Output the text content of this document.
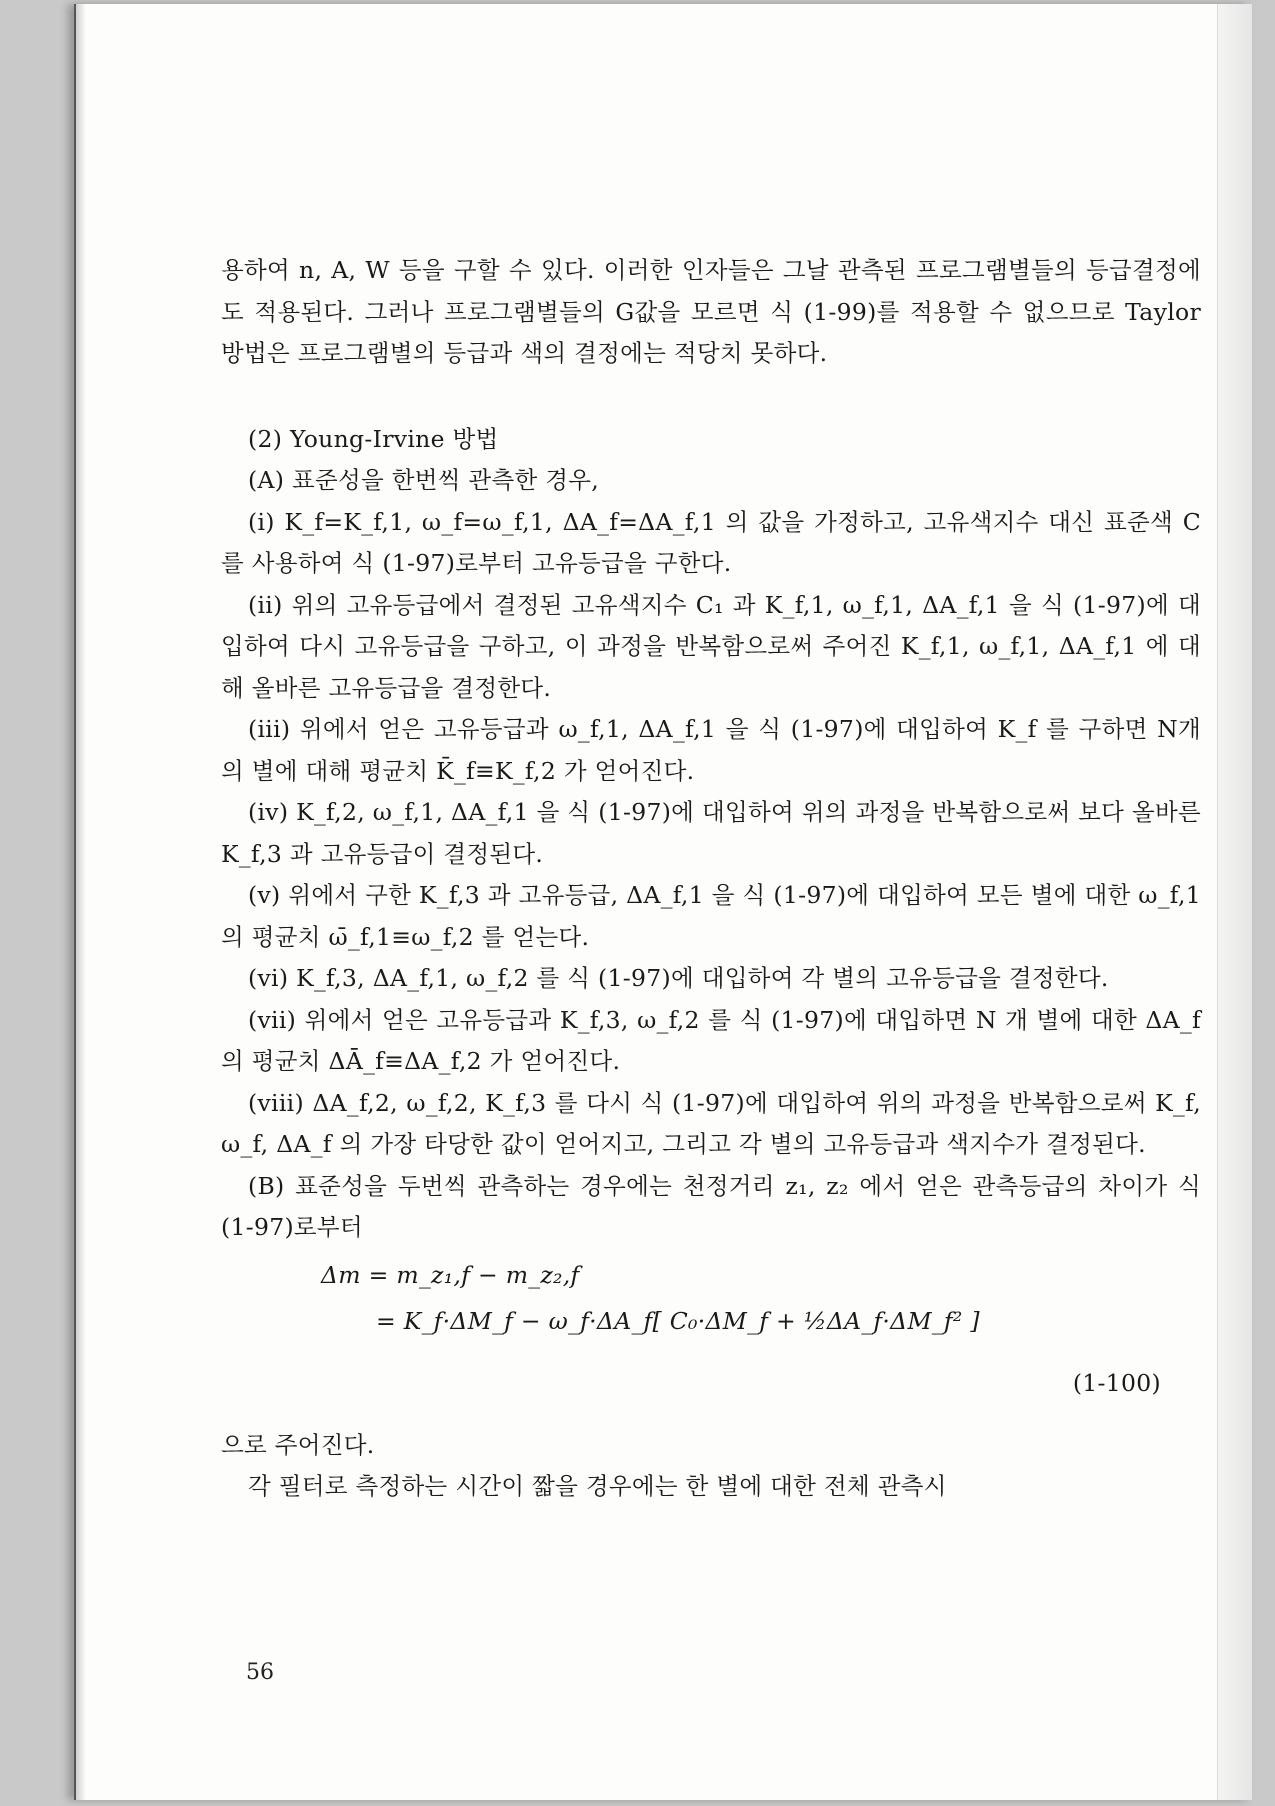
용하여 n, A, W 등을 구할 수 있다. 이러한 인자들은 그날 관측된 프로그램별들의 등급결정에도 적용된다. 그러나 프로그램별들의 G값을 모르면 식 (1-99)를 적용할 수 없으므로 Taylor 방법은 프로그램별의 등급과 색의 결정에는 적당치 못하다.

(2) Young-Irvine 방법

(A) 표준성을 한번씩 관측한 경우,

(i) K_f=K_f,1, ω_f=ω_f,1, ΔA_f=ΔA_f,1 의 값을 가정하고, 고유색지수 대신 표준색 C 를 사용하여 식 (1-97)로부터 고유등급을 구한다.

(ii) 위의 고유등급에서 결정된 고유색지수 C₁ 과 K_f,1, ω_f,1, ΔA_f,1 을 식 (1-97)에 대입하여 다시 고유등급을 구하고, 이 과정을 반복함으로써 주어진 K_f,1, ω_f,1, ΔA_f,1 에 대해 올바른 고유등급을 결정한다.

(iii) 위에서 얻은 고유등급과 ω_f,1, ΔA_f,1 을 식 (1-97)에 대입하여 K_f 를 구하면 N개의 별에 대해 평균치 K̄_f≡K_f,2 가 얻어진다.

(iv) K_f,2, ω_f,1, ΔA_f,1 을 식 (1-97)에 대입하여 위의 과정을 반복함으로써 보다 올바른 K_f,3 과 고유등급이 결정된다.

(v) 위에서 구한 K_f,3 과 고유등급, ΔA_f,1 을 식 (1-97)에 대입하여 모든 별에 대한 ω_f,1 의 평균치 ω̄_f,1≡ω_f,2 를 얻는다.

(vi) K_f,3, ΔA_f,1, ω_f,2 를 식 (1-97)에 대입하여 각 별의 고유등급을 결정한다.

(vii) 위에서 얻은 고유등급과 K_f,3, ω_f,2 를 식 (1-97)에 대입하면 N 개 별에 대한 ΔA_f 의 평균치 ΔĀ_f≡ΔA_f,2 가 얻어진다.

(viii) ΔA_f,2, ω_f,2, K_f,3 를 다시 식 (1-97)에 대입하여 위의 과정을 반복함으로써 K_f, ω_f, ΔA_f 의 가장 타당한 값이 얻어지고, 그리고 각 별의 고유등급과 색지수가 결정된다.

(B) 표준성을 두번씩 관측하는 경우에는 천정거리 z₁, z₂ 에서 얻은 관측등급의 차이가 식 (1-97)로부터

Δm = m_z₁,f − m_z₂,f
= K_f·ΔM_f − ω_f·ΔA_f[ C₀·ΔM_f + ½ΔA_f·ΔM_f² ]
(1-100)

으로 주어진다.

각 필터로 측정하는 시간이 짧을 경우에는 한 별에 대한 전체 관측시

56
